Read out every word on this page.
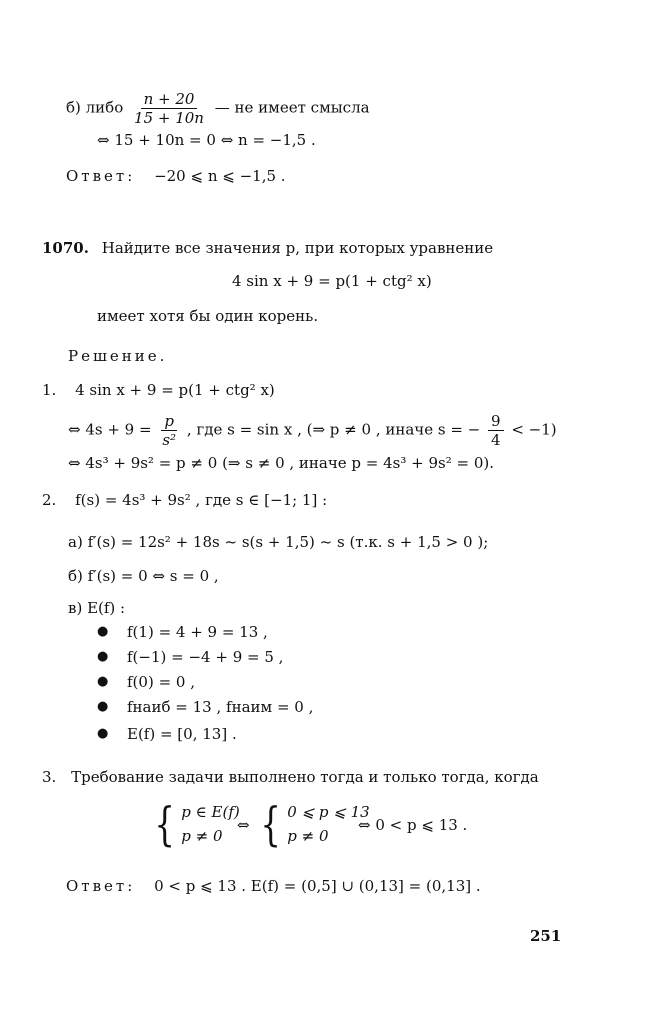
б) либо $\frac{n + 20}{15 + 10n}$ — не имеет смысла
⇔ 15 + 10n = 0 ⇔ n = −1,5 .
Ответ: −20 ⩽ n ⩽ −1,5 .
1070. Найдите все значения p, при которых уравнение
4 sin x + 9 = p(1 + ctg² x)
имеет хотя бы один корень.
Решение.
1. 4 sin x + 9 = p(1 + ctg² x)
⇔ $4s + 9 = \frac{p}{\text{s²}}$ , где s = sin x , (⇒ p ≠ 0 , иначе s = − $\frac{9}{4} < -1$)
⇔ 4s³ + 9s² = p ≠ 0 (⇒ s ≠ 0 , иначе p = 4s³ + 9s² = 0).
2. f(s) = 4s³ + 9s² , где s ∈ [−1; 1] :
а) f′(s) = 12s² + 18s ~ s(s + 1,5) ~ s (т.к. s + 1,5 > 0 );
б) f′(s) = 0 ⇔ s = 0 ,
в) E(f) :
● f(1) = 4 + 9 = 13 ,
● f(−1) = −4 + 9 = 5 ,
● f(0) = 0 ,
● fнаиб = 13 , fнаим = 0 ,
● E(f) = [0, 13] .
3. Требование задачи выполнено тогда и только тогда, когда
{ p ∈ E(f)
p ≠ 0
⇔ { 0 ⩽ p ⩽ 13
p ≠ 0
⇔ 0 < p ⩽ 13 .
Ответ: 0 < p ⩽ 13 . E(f) = (0,5] ∪ (0,13] = (0,13] .
251
